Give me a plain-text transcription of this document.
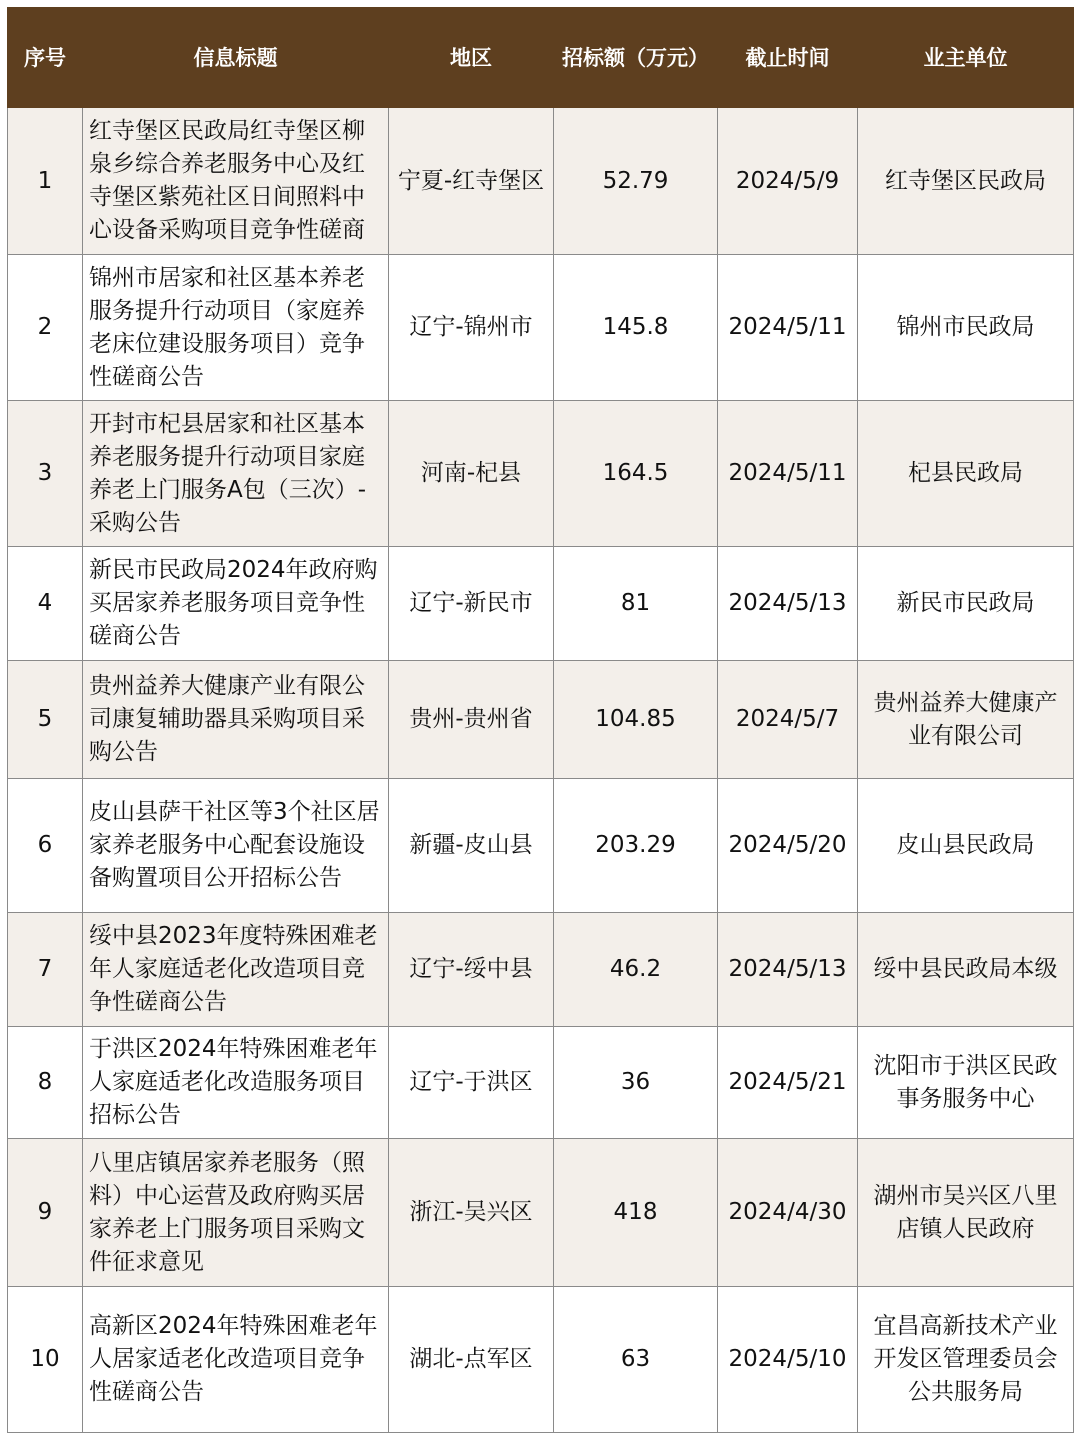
序号	信息标题	地区	招标额（万元）	截止时间	业主单位
1	红寺堡区民政局红寺堡区柳泉乡综合养老服务中心及红寺堡区紫苑社区日间照料中心设备采购项目竞争性磋商	宁夏-红寺堡区	52.79	2024/5/9	红寺堡区民政局
2	锦州市居家和社区基本养老服务提升行动项目（家庭养老床位建设服务项目）竞争性磋商公告	辽宁-锦州市	145.8	2024/5/11	锦州市民政局
3	开封市杞县居家和社区基本养老服务提升行动项目家庭养老上门服务A包（三次）-采购公告	河南-杞县	164.5	2024/5/11	杞县民政局
4	新民市民政局2024年政府购买居家养老服务项目竞争性磋商公告	辽宁-新民市	81	2024/5/13	新民市民政局
5	贵州益养大健康产业有限公司康复辅助器具采购项目采购公告	贵州-贵州省	104.85	2024/5/7	贵州益养大健康产业有限公司
6	皮山县萨干社区等3个社区居家养老服务中心配套设施设备购置项目公开招标公告	新疆-皮山县	203.29	2024/5/20	皮山县民政局
7	绥中县2023年度特殊困难老年人家庭适老化改造项目竞争性磋商公告	辽宁-绥中县	46.2	2024/5/13	绥中县民政局本级
8	于洪区2024年特殊困难老年人家庭适老化改造服务项目招标公告	辽宁-于洪区	36	2024/5/21	沈阳市于洪区民政事务服务中心
9	八里店镇居家养老服务（照料）中心运营及政府购买居家养老上门服务项目采购文件征求意见	浙江-吴兴区	418	2024/4/30	湖州市吴兴区八里店镇人民政府
10	高新区2024年特殊困难老年人居家适老化改造项目竞争性磋商公告	湖北-点军区	63	2024/5/10	宜昌高新技术产业开发区管理委员会公共服务局
